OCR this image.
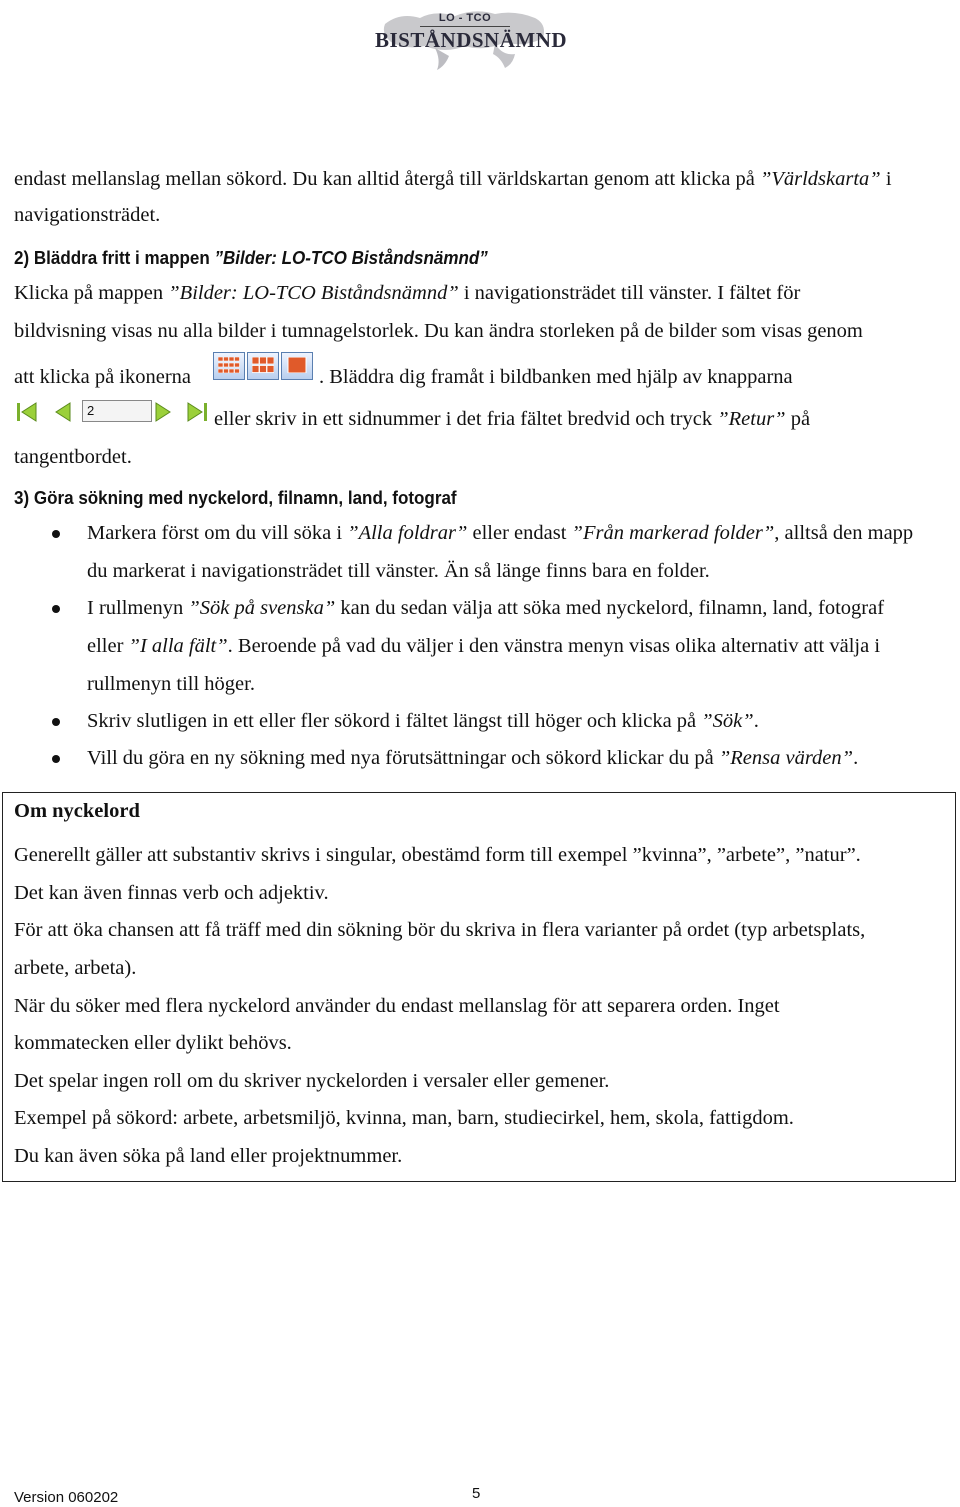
LO - TCO
BISTÅNDSNÄMND
endast mellanslag mellan sökord. Du kan alltid återgå till världskartan genom att klicka på ”Världskarta” i
navigationsträdet.
2) Bläddra fritt i mappen ”Bilder: LO-TCO Biståndsnämnd”
Klicka på mappen ”Bilder: LO-TCO Biståndsnämnd” i navigationsträdet till vänster. I fältet för
bildvisning visas nu alla bilder i tumnagelstorlek. Du kan ändra storleken på de bilder som visas genom
att klicka på ikonerna	. Bläddra dig framåt i bildbanken med hjälp av knapparna
2	eller skriv in ett sidnummer i det fria fältet bredvid och tryck ”Retur” på
tangentbordet.
3) Göra sökning med nyckelord, filnamn, land, fotograf
Markera först om du vill söka i ”Alla foldrar” eller endast ”Från markerad folder”, alltså den mapp
du markerat i navigationsträdet till vänster. Än så länge finns bara en folder.
I rullmenyn ”Sök på svenska” kan du sedan välja att söka med nyckelord, filnamn, land, fotograf
eller ”I alla fält”. Beroende på vad du väljer i den vänstra menyn visas olika alternativ att välja i
rullmenyn till höger.
Skriv slutligen in ett eller fler sökord i fältet längst till höger och klicka på ”Sök”.
Vill du göra en ny sökning med nya förutsättningar och sökord klickar du på ”Rensa värden”.
Om nyckelord
Generellt gäller att substantiv skrivs i singular, obestämd form till exempel ”kvinna”, ”arbete”, ”natur”.
Det kan även finnas verb och adjektiv.
För att öka chansen att få träff med din sökning bör du skriva in flera varianter på ordet (typ arbetsplats,
arbete, arbeta).
När du söker med flera nyckelord använder du endast mellanslag för att separera orden. Inget
kommatecken eller dylikt behövs.
Det spelar ingen roll om du skriver nyckelorden i versaler eller gemener.
Exempel på sökord: arbete, arbetsmiljö, kvinna, man, barn, studiecirkel, hem, skola, fattigdom.
Du kan även söka på land eller projektnummer.
Version 060202	5
